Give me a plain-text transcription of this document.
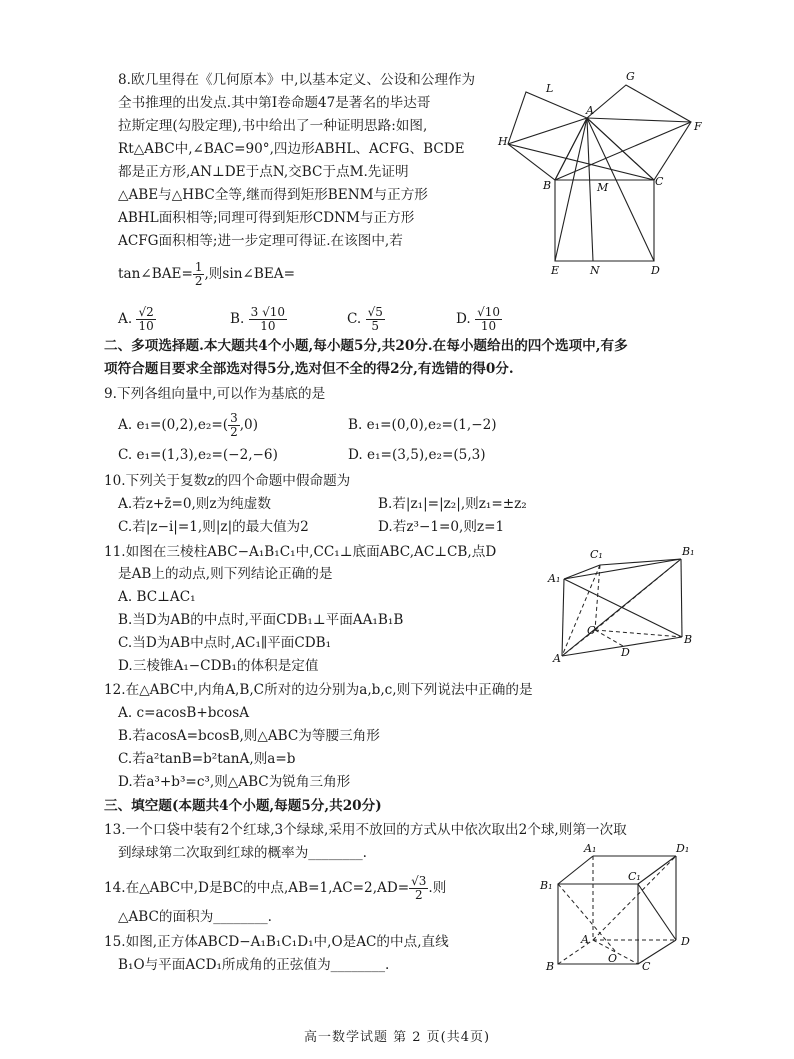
8.欧几里得在《几何原本》中,以基本定义、公设和公理作为
全书推理的出发点.其中第Ⅰ卷命题47是著名的毕达哥
拉斯定理(勾股定理),书中给出了一种证明思路:如图,
Rt△ABC中,∠BAC=90°,四边形ABHL、ACFG、BCDE
都是正方形,AN⊥DE于点N,交BC于点M.先证明
△ABE与△HBC全等,继而得到矩形BENM与正方形
ABHL面积相等;同理可得到矩形CDNM与正方形
ACFG面积相等;进一步定理可得证.在该图中,若
tan∠BAE= $\frac{1}{2}$ ,则sin∠BEA=
A. $\frac{√2}{10}$	B. $\frac{3 √10}{10}$	C. $\frac{√5}{5}$	D. $\frac{√10}{10}$
L
G
A
H
F
B	M	C
E	N	D
二、多项选择题.本大题共4个小题,每小题5分,共20分.在每小题给出的四个选项中,有多
项符合题目要求全部选对得5分,选对但不全的得2分,有选错的得0分.
9.下列各组向量中,可以作为基底的是
A. $e_1=(0,2),e_2=( \frac{3}{2} ,0)$	B. e₁=(0,0),e₂=(1,−2)
C. e₁=(1,3),e₂=(−2,−6)	D. e₁=(3,5),e₂=(5,3)
10.下列关于复数z的四个命题中假命题为
A.若z+z̄=0,则z为纯虚数	B.若|z₁|=|z₂|,则z₁=±z₂
C.若|z−i|=1,则|z|的最大值为2	D.若z³−1=0,则z=1
11.如图在三棱柱ABC−A₁B₁C₁中,CC₁⊥底面ABC,AC⊥CB,点D
是AB上的动点,则下列结论正确的是
A. BC⊥AC₁
B.当D为AB的中点时,平面CDB₁⊥平面AA₁B₁B
C.当D为AB中点时,AC₁∥平面CDB₁
D.三棱锥A₁−CDB₁的体积是定值
C₁	B₁
A₁
C
B
A	D
12.在△ABC中,内角A,B,C所对的边分别为a,b,c,则下列说法中正确的是
A. c=acosB+bcosA
B.若acosA=bcosB,则△ABC为等腰三角形
C.若a²tanB=b²tanA,则a=b
D.若a³+b³=c³,则△ABC为锐角三角形
三、填空题(本题共4个小题,每题5分,共20分)
13.一个口袋中装有2个红球,3个绿球,采用不放回的方式从中依次取出2个球,则第一次取
到绿球第二次取到红球的概率为________.
14.在△ABC中,D是BC的中点$,AB=1,AC=2,AD= \frac{√3}{2}$ .则
△ABC的面积为________.
15.如图,正方体ABCD−A₁B₁C₁D₁中,O是AC的中点,直线
B₁O与平面ACD₁所成角的正弦值为________.
A₁	D₁
B₁
C₁
A	D
B
O
C
高一数学试题 第 2 页(共4页)
